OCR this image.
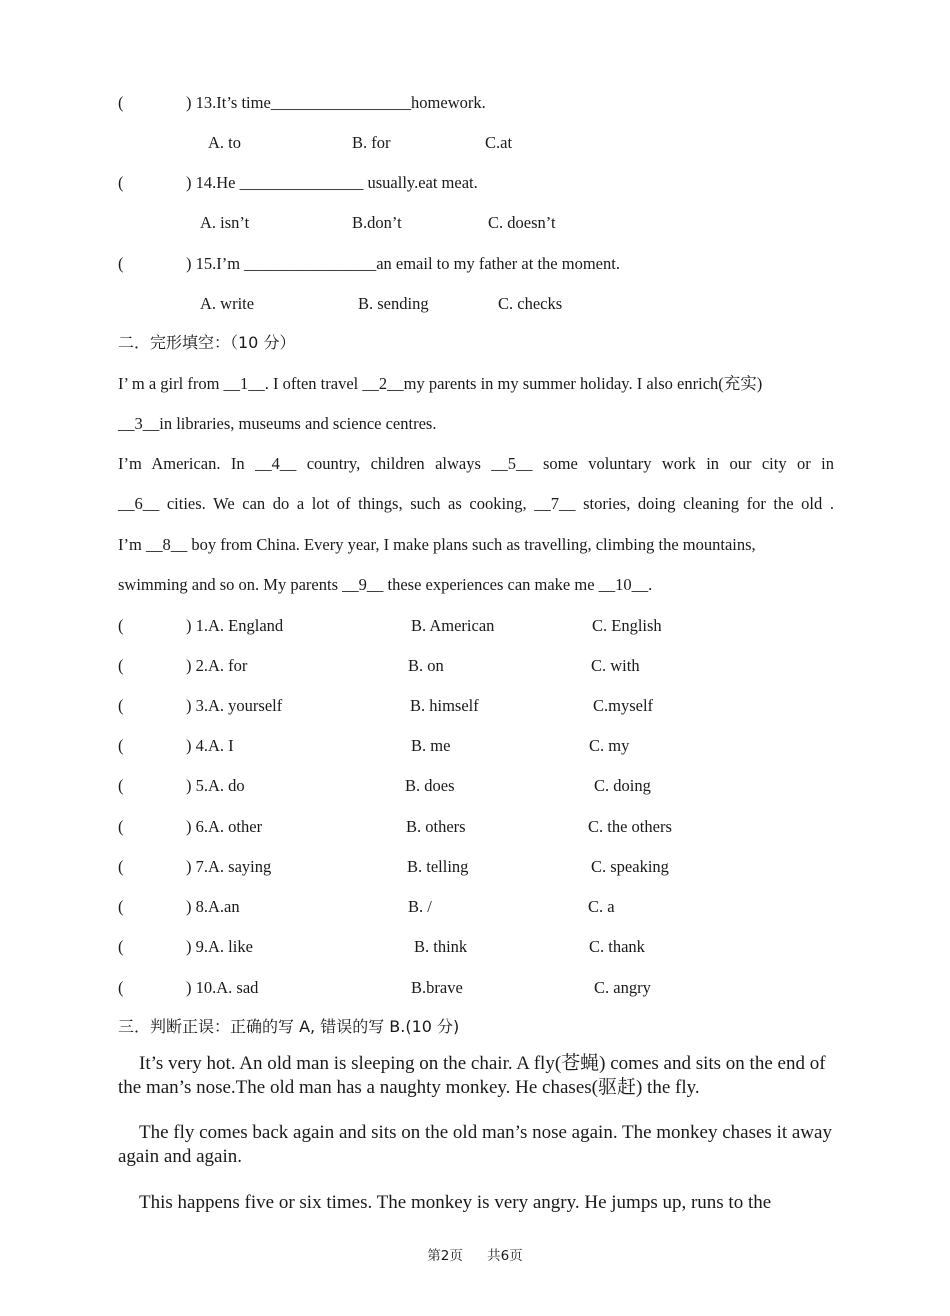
(	) 13.It’s time_________________homework.
A. to	B. for	C.at
(	) 14.He _______________ usually.eat meat.
A. isn’t	B.don’t	C. doesn’t
(	) 15.I’m ________________an email to my father at the moment.
A. write	B. sending	C. checks
二．完形填空：（10 分）
I’ m a girl from __1__. I often travel __2__my parents in my summer holiday. I also enrich(充实)
__3__in libraries, museums and science centres.
I’m American. In __4__ country, children always __5__ some voluntary work in our city or in
__6__ cities. We can do a lot of things, such as cooking, __7__ stories, doing cleaning for the old .
I’m __8__ boy from China. Every year, I make plans such as travelling, climbing the mountains,
swimming and so on. My parents __9__ these experiences can make me __10__.
(	) 1.A. England	B. American	C. English
(	) 2.A. for	B. on	C. with
(	) 3.A. yourself	B. himself	C.myself
(	) 4.A. I	B. me	C. my
(	) 5.A. do	B. does	C. doing
(	) 6.A. other	B. others	C. the others
(	) 7.A. saying	B. telling	C. speaking
(	) 8.A.an	B. /	C. a
(	) 9.A. like	B. think	C. thank
(	) 10.A. sad	B.brave	C. angry
三．判断正误：正确的写 A, 错误的写 B.(10 分)
It’s very hot. An old man is sleeping on the chair. A fly(苍蝇) comes and sits on the end of the man’s nose.The old man has a naughty monkey. He chases(驱赶) the fly.
The fly comes back again and sits on the old man’s nose again. The monkey chases it away again and again.
This happens five or six times. The monkey is very angry. He jumps up, runs to the
第2页 共6页
